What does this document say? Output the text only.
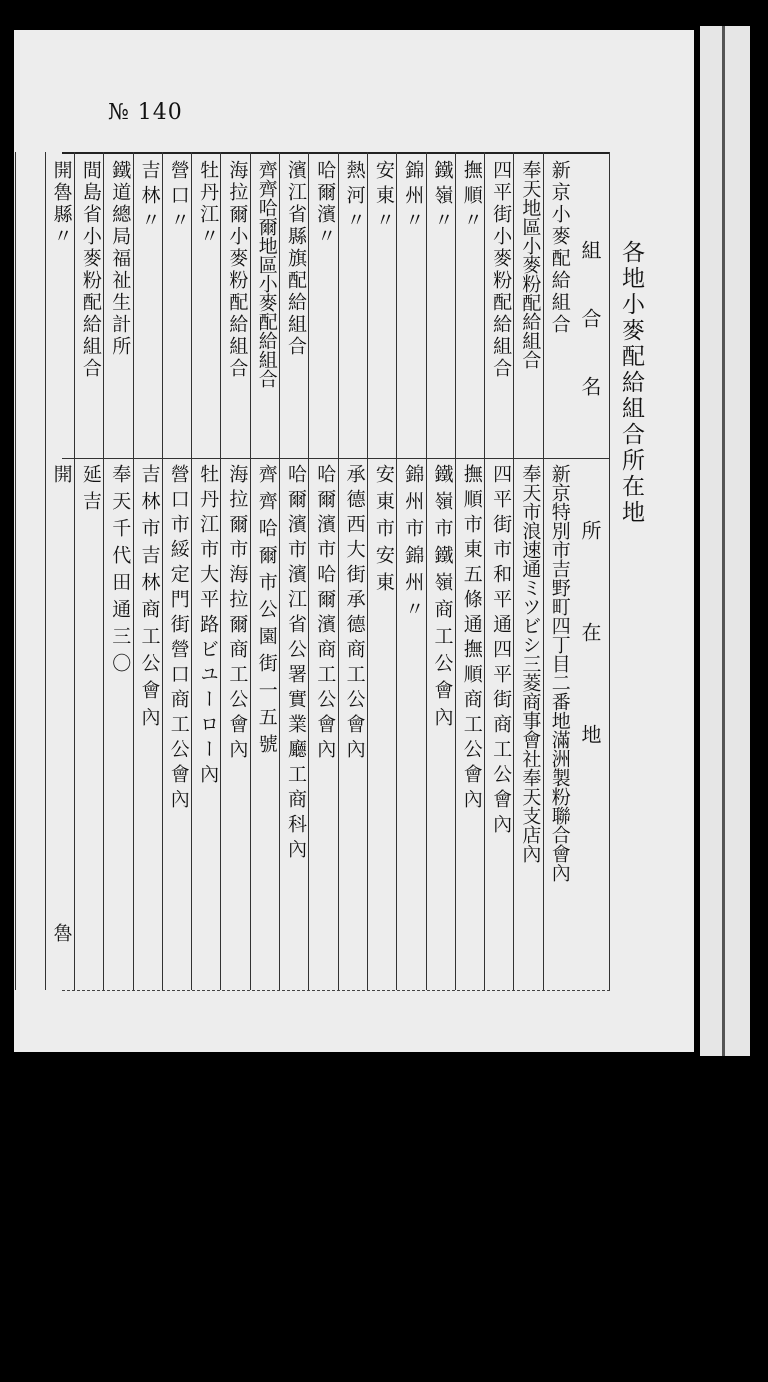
№ 140
各地小麥配給組合所在地
組合名
所在地
新京小麥配給組合
新京特別市吉野町四丁目二番地滿洲製粉聯合會內
奉天地區小麥粉配給組合
奉天市浪速通ミツビシ三菱商事會社奉天支店內
四平街小麥粉配給組合
四平街市和平通四平街商工公會內
撫順〃
撫順市東五條通撫順商工公會內
鐵嶺〃
鐵嶺市鐵嶺商工公會內
錦州〃
錦州市錦州〃
安東〃
安東市安東
熱河〃
承德西大街承德商工公會內
哈爾濱〃
哈爾濱市哈爾濱商工公會內
濱江省縣旗配給組合
哈爾濱市濱江省公署實業廳工商科內
齊齊哈爾地區小麥配給組合
齊齊哈爾市公園街一五號
海拉爾小麥粉配給組合
海拉爾市海拉爾商工公會內
牡丹江〃
牡丹江市大平路ビユーロー內
營口〃
營口市綏定門街營口商工公會內
吉林〃
吉林市吉林商工公會內
鐵道總局福祉生計所
奉天千代田通三〇
間島省小麥粉配給組合
延吉
開魯縣〃
開魯
